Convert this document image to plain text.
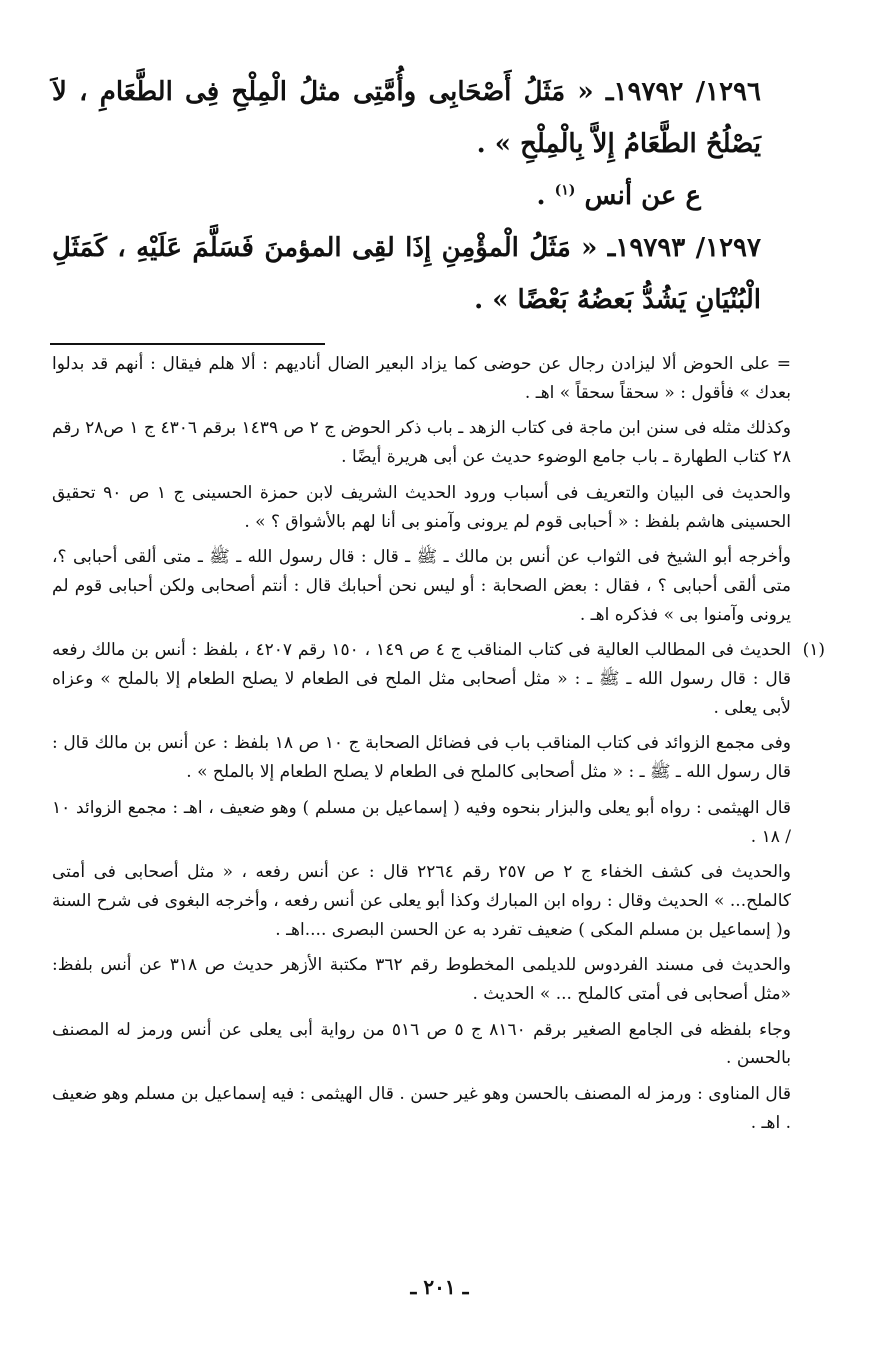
١٢٩٦/ ١٩٧٩٢ـ « مَثَلُ أَصْحَابِى وأُمَّتِى مثلُ الْمِلْحِ فِى الطَّعَامِ ، لاَ يَصْلُحُ الطَّعَامُ إِلاَّ بِالْمِلْحِ » .

ع عن أنس $^{(١)}$ .

١٢٩٧/ ١٩٧٩٣ـ « مَثَلُ الْمؤْمِنِ إِذَا لقِى المؤمنَ فَسَلَّمَ عَلَيْهِ ، كَمَثَلِ الْبُنْيَانِ يَشُدُّ بَعضُهُ بَعْضًا » .

= على الحوض ألا ليزادن رجال عن حوضى كما يزاد البعير الضال أناديهم : ألا هلم فيقال : أنهم قد بدلوا بعدك » فأقول : « سحقاً سحقاً » اهـ .

وكذلك مثله فى سنن ابن ماجة فى كتاب الزهد ـ باب ذكر الحوض ج ٢ ص ١٤٣٩ برقم ٤٣٠٦ ج ١ ص٢٨ رقم ٢٨ كتاب الطهارة ـ باب جامع الوضوء حديث عن أبى هريرة أيضًا .

والحديث فى البيان والتعريف فى أسباب ورود الحديث الشريف لابن حمزة الحسينى ج ١ ص ٩٠ تحقيق الحسينى هاشم بلفظ : « أحبابى قوم لم يرونى وآمنو بى أنا لهم بالأشواق ؟ » .

وأخرجه أبو الشيخ فى الثواب عن أنس بن مالك ـ ﷺ ـ قال : قال رسول الله ـ ﷺ ـ متى ألقى أحبابى ؟، متى ألقى أحبابى ؟ ، فقال : بعض الصحابة : أو ليس نحن أحبابك قال : أنتم أصحابى ولكن أحبابى قوم لم يرونى وآمنوا بى » فذكره اهـ .

(١)
الحديث فى المطالب العالية فى كتاب المناقب ج ٤ ص ١٤٩ ، ١٥٠ رقم ٤٢٠٧ ، بلفظ : أنس بن مالك رفعه قال : قال رسول الله ـ ﷺ ـ : « مثل أصحابى مثل الملح فى الطعام لا يصلح الطعام إلا بالملح » وعزاه لأبى يعلى .

وفى مجمع الزوائد فى كتاب المناقب باب فى فضائل الصحابة ج ١٠ ص ١٨ بلفظ : عن أنس بن مالك قال : قال رسول الله ـ ﷺ ـ : « مثل أصحابى كالملح فى الطعام لا يصلح الطعام إلا بالملح » .

قال الهيثمى : رواه أبو يعلى والبزار بنحوه وفيه ( إسماعيل بن مسلم ) وهو ضعيف ، اهـ : مجمع الزوائد ١٠ / ١٨ .

والحديث فى كشف الخفاء ج ٢ ص ٢٥٧ رقم ٢٢٦٤ قال : عن أنس رفعه ، « مثل أصحابى فى أمتى كالملح... » الحديث وقال : رواه ابن المبارك وكذا أبو يعلى عن أنس رفعه ، وأخرجه البغوى فى شرح السنة و( إسماعيل بن مسلم المكى ) ضعيف تفرد به عن الحسن البصرى ....اهـ .

والحديث فى مسند الفردوس للديلمى المخطوط رقم ٣٦٢ مكتبة الأزهر حديث ص ٣١٨ عن أنس بلفظ: «مثل أصحابى فى أمتى كالملح ... » الحديث .

وجاء بلفظه فى الجامع الصغير برقم ٨١٦٠ ج ٥ ص ٥١٦ من رواية أبى يعلى عن أنس ورمز له المصنف بالحسن .

قال المناوى : ورمز له المصنف بالحسن وهو غير حسن . قال الهيثمى : فيه إسماعيل بن مسلم وهو ضعيف . اهـ .

ـ ٢٠١ ـ
